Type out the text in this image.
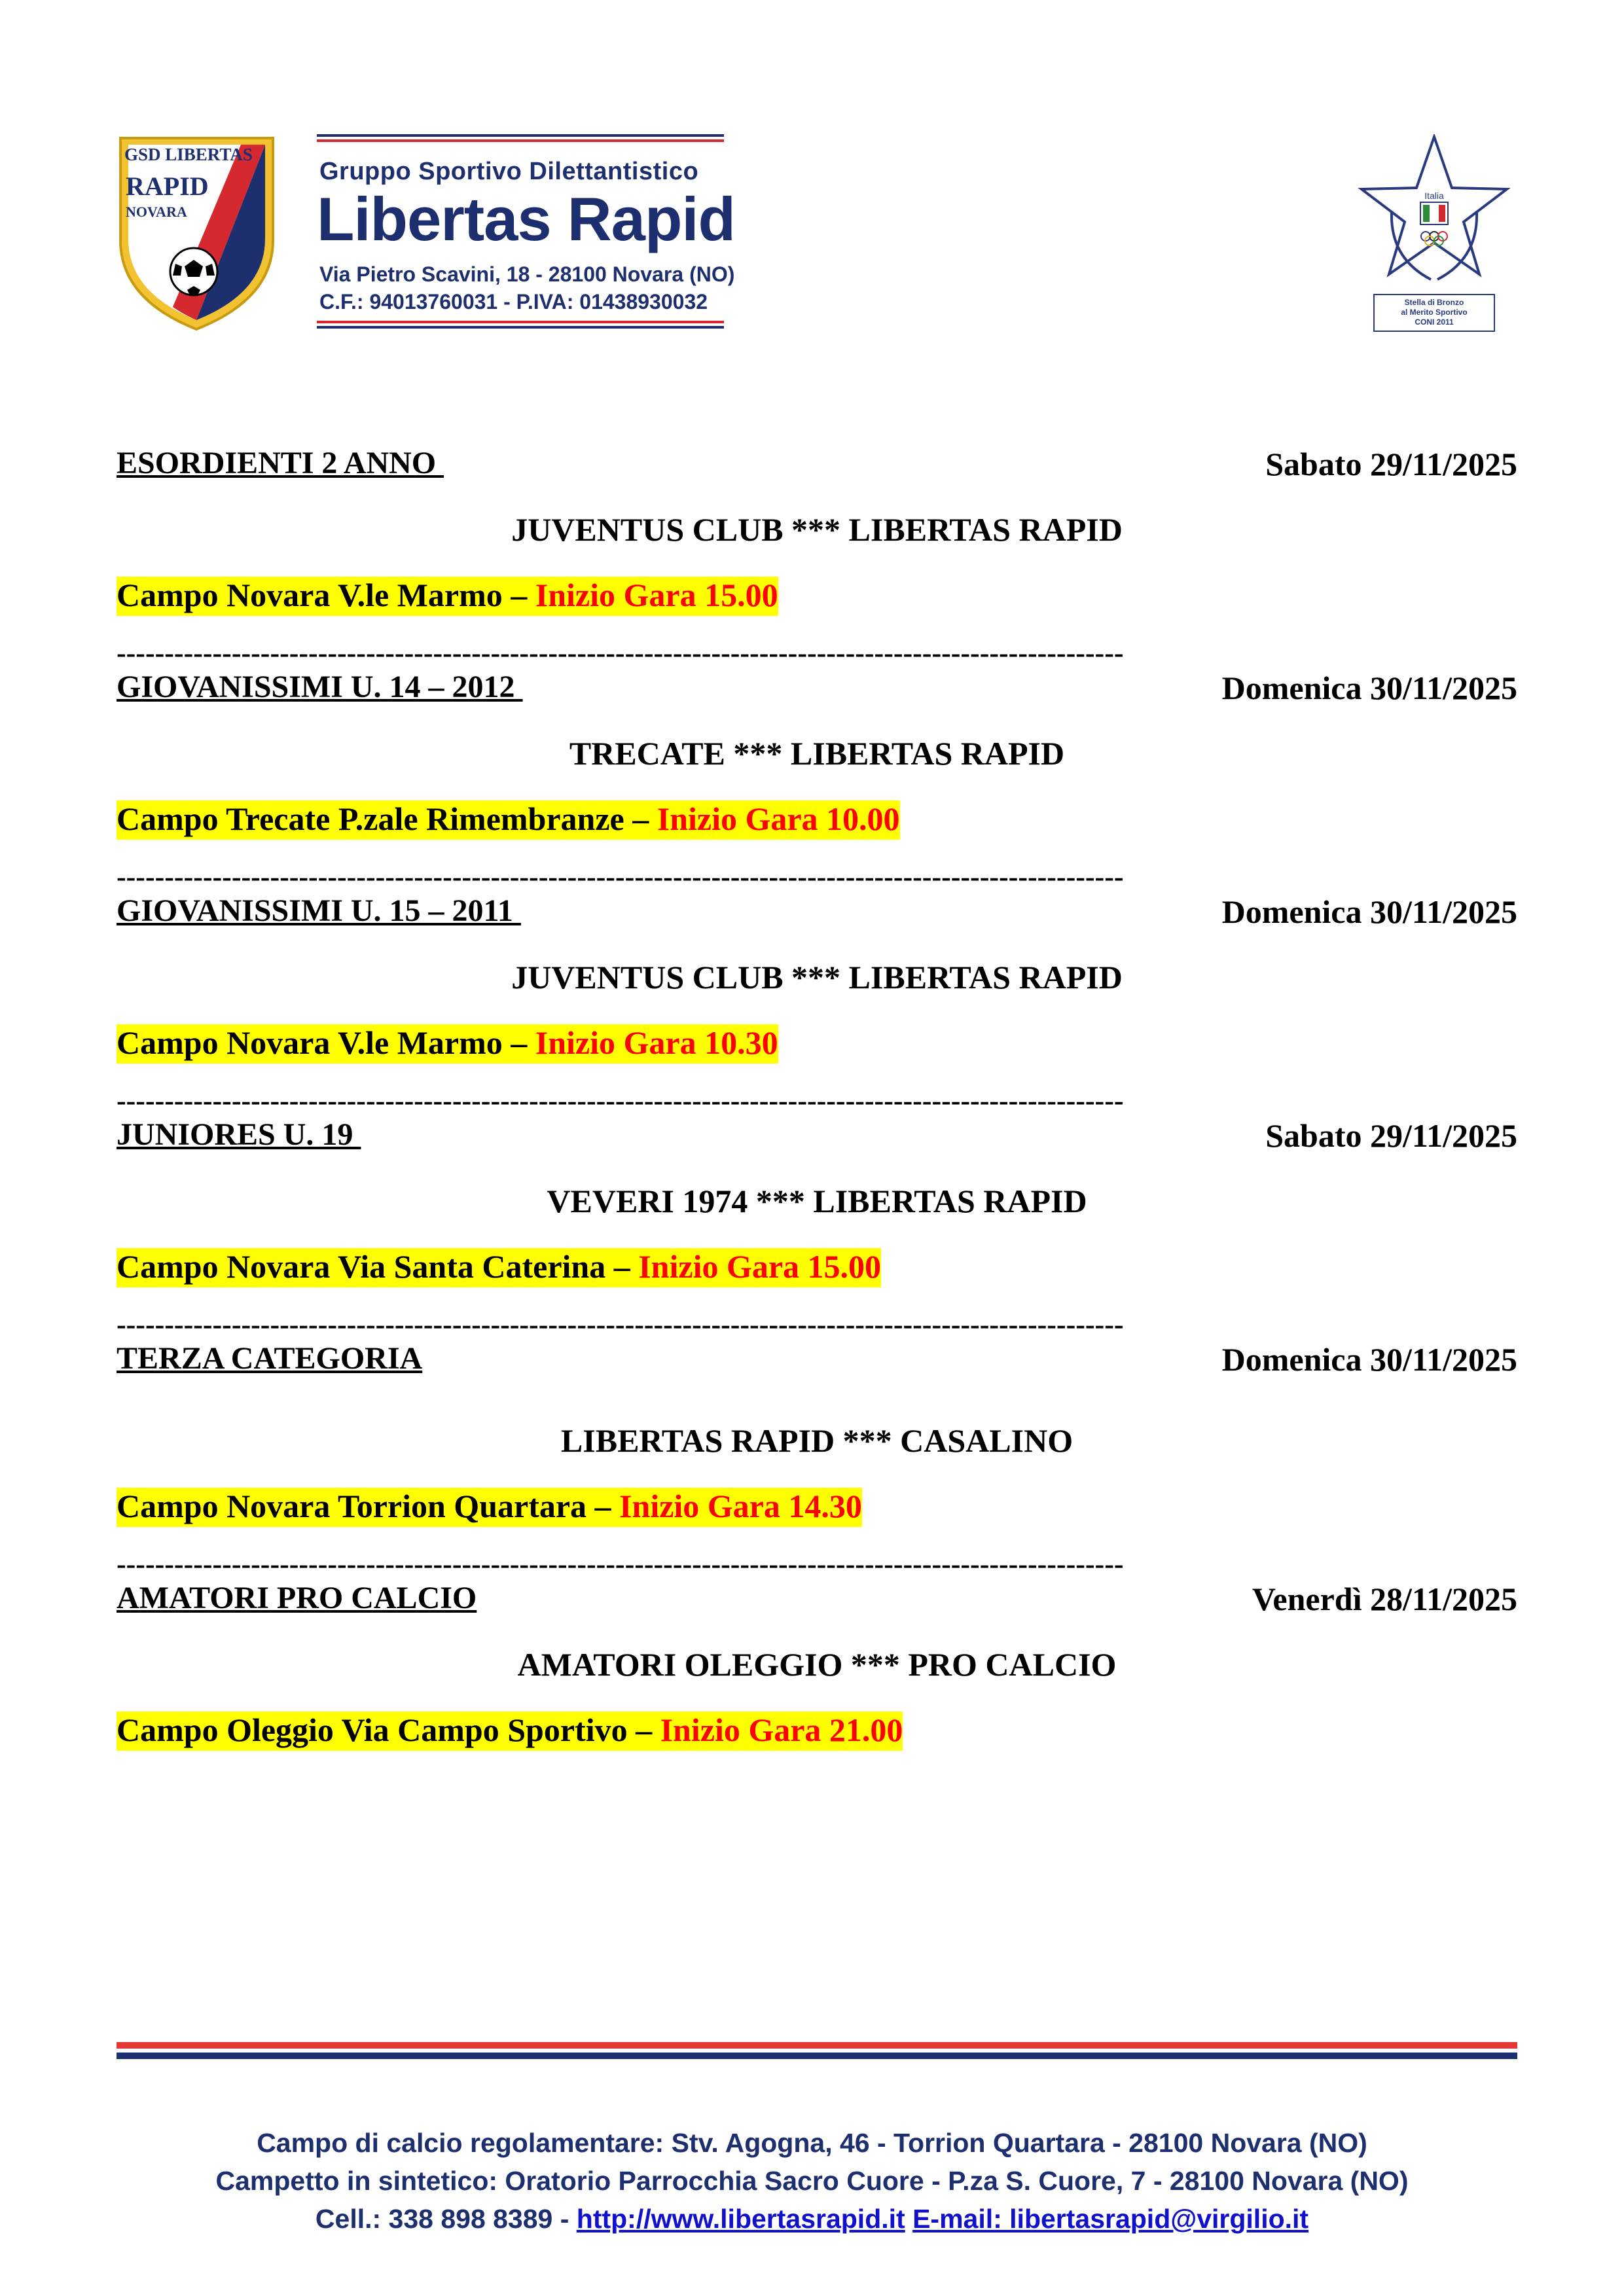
GSD LIBERTAS
RAPID
NOVARA
Gruppo Sportivo Dilettantistico
Libertas Rapid
Via Pietro Scavini, 18 - 28100 Novara (NO)
C.F.: 94013760031 - P.IVA: 01438930032
Italia
Stella di Bronzo
al Merito Sportivo
CONI 2011
ESORDIENTI 2 ANNO	Sabato 29/11/2025
JUVENTUS CLUB *** LIBERTAS RAPID
Campo Novara V.le Marmo – Inizio Gara 15.00
---------------------------------------------------------------------------------------------------------
GIOVANISSIMI U. 14 – 2012	Domenica 30/11/2025
TRECATE *** LIBERTAS RAPID
Campo Trecate P.zale Rimembranze – Inizio Gara 10.00
---------------------------------------------------------------------------------------------------------
GIOVANISSIMI U. 15 – 2011	Domenica 30/11/2025
JUVENTUS CLUB *** LIBERTAS RAPID
Campo Novara V.le Marmo – Inizio Gara 10.30
---------------------------------------------------------------------------------------------------------
JUNIORES U. 19	Sabato 29/11/2025
VEVERI 1974 *** LIBERTAS RAPID
Campo Novara Via Santa Caterina – Inizio Gara 15.00
---------------------------------------------------------------------------------------------------------
TERZA CATEGORIA	Domenica 30/11/2025
LIBERTAS RAPID *** CASALINO
Campo Novara Torrion Quartara – Inizio Gara 14.30
---------------------------------------------------------------------------------------------------------
AMATORI PRO CALCIO	Venerdì 28/11/2025
AMATORI OLEGGIO *** PRO CALCIO
Campo Oleggio Via Campo Sportivo – Inizio Gara 21.00
Campo di calcio regolamentare: Stv. Agogna, 46 - Torrion Quartara - 28100 Novara (NO)
Campetto in sintetico: Oratorio Parrocchia Sacro Cuore - P.za S. Cuore, 7 - 28100 Novara (NO)
Cell.: 338 898 8389 - http://www.libertasrapid.it E-mail: libertasrapid@virgilio.it
